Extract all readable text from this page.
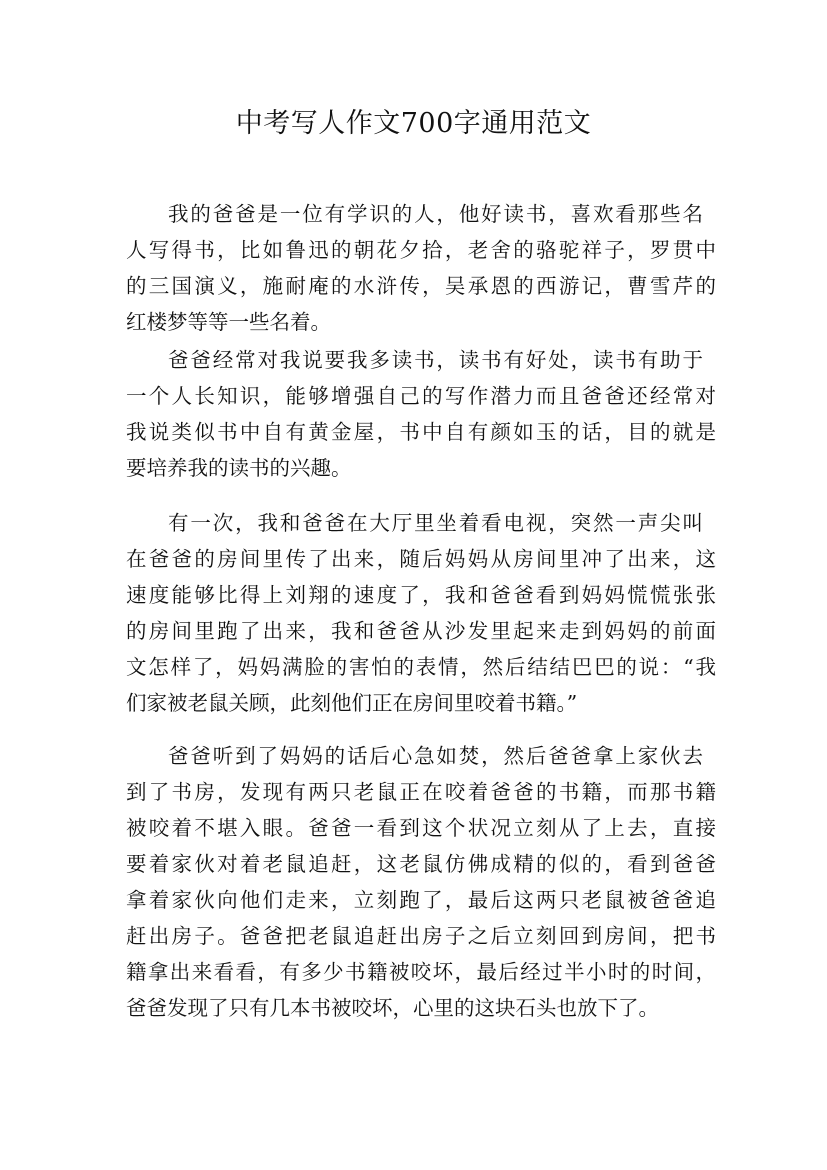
中考写人作文700字通用范文

我的爸爸是一位有学识的人，他好读书，喜欢看那些名

人写得书，比如鲁迅的朝花夕拾，老舍的骆驼祥子，罗贯中

的三国演义，施耐庵的水浒传，吴承恩的西游记，曹雪芹的

红楼梦等等一些名着。

爸爸经常对我说要我多读书，读书有好处，读书有助于

一个人长知识，能够增强自己的写作潜力而且爸爸还经常对

我说类似书中自有黄金屋，书中自有颜如玉的话，目的就是

要培养我的读书的兴趣。

有一次，我和爸爸在大厅里坐着看电视，突然一声尖叫

在爸爸的房间里传了出来，随后妈妈从房间里冲了出来，这

速度能够比得上刘翔的速度了，我和爸爸看到妈妈慌慌张张

的房间里跑了出来，我和爸爸从沙发里起来走到妈妈的前面

文怎样了，妈妈满脸的害怕的表情，然后结结巴巴的说：“我

们家被老鼠关顾，此刻他们正在房间里咬着书籍。”

爸爸听到了妈妈的话后心急如焚，然后爸爸拿上家伙去

到了书房，发现有两只老鼠正在咬着爸爸的书籍，而那书籍

被咬着不堪入眼。爸爸一看到这个状况立刻从了上去，直接

要着家伙对着老鼠追赶，这老鼠仿佛成精的似的，看到爸爸

拿着家伙向他们走来，立刻跑了，最后这两只老鼠被爸爸追

赶出房子。爸爸把老鼠追赶出房子之后立刻回到房间，把书

籍拿出来看看，有多少书籍被咬坏，最后经过半小时的时间，

爸爸发现了只有几本书被咬坏，心里的这块石头也放下了。
